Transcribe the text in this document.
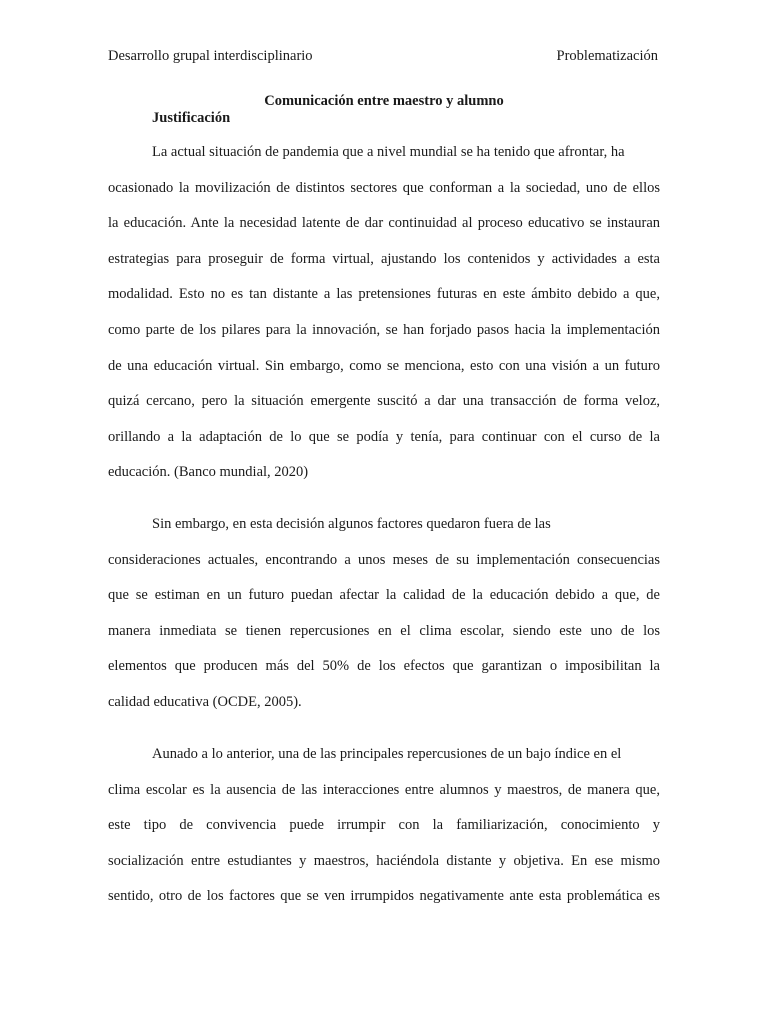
Desarrollo grupal interdisciplinario	Problematización
Comunicación entre maestro y alumno
Justificación
La actual situación de pandemia que a nivel mundial se ha tenido que afrontar, ha
ocasionado la movilización de distintos sectores que conforman a la sociedad, uno de ellos
la educación. Ante la necesidad latente de dar continuidad al proceso educativo se instauran
estrategias para proseguir de forma virtual, ajustando los contenidos y actividades a esta
modalidad. Esto no es tan distante a las pretensiones futuras en este ámbito debido a que,
como parte de los pilares para la innovación, se han forjado pasos hacia la implementación
de una educación virtual. Sin embargo, como se menciona, esto con una visión a un futuro
quizá cercano, pero la situación emergente suscitó a dar una transacción de forma veloz,
orillando a la adaptación de lo que se podía y tenía, para continuar con el curso de la
educación. (Banco mundial, 2020)
Sin embargo, en esta decisión algunos factores quedaron fuera de las
consideraciones actuales, encontrando a unos meses de su implementación consecuencias
que se estiman en un futuro puedan afectar la calidad de la educación debido a que, de
manera inmediata se tienen repercusiones en el clima escolar, siendo este uno de los
elementos que producen más del 50% de los efectos que garantizan o imposibilitan la
calidad educativa (OCDE, 2005).
Aunado a lo anterior, una de las principales repercusiones de un bajo índice en el
clima escolar es la ausencia de las interacciones entre alumnos y maestros, de manera que,
este tipo de convivencia puede irrumpir con la familiarización, conocimiento y
socialización entre estudiantes y maestros, haciéndola distante y objetiva. En ese mismo
sentido, otro de los factores que se ven irrumpidos negativamente ante esta problemática es
